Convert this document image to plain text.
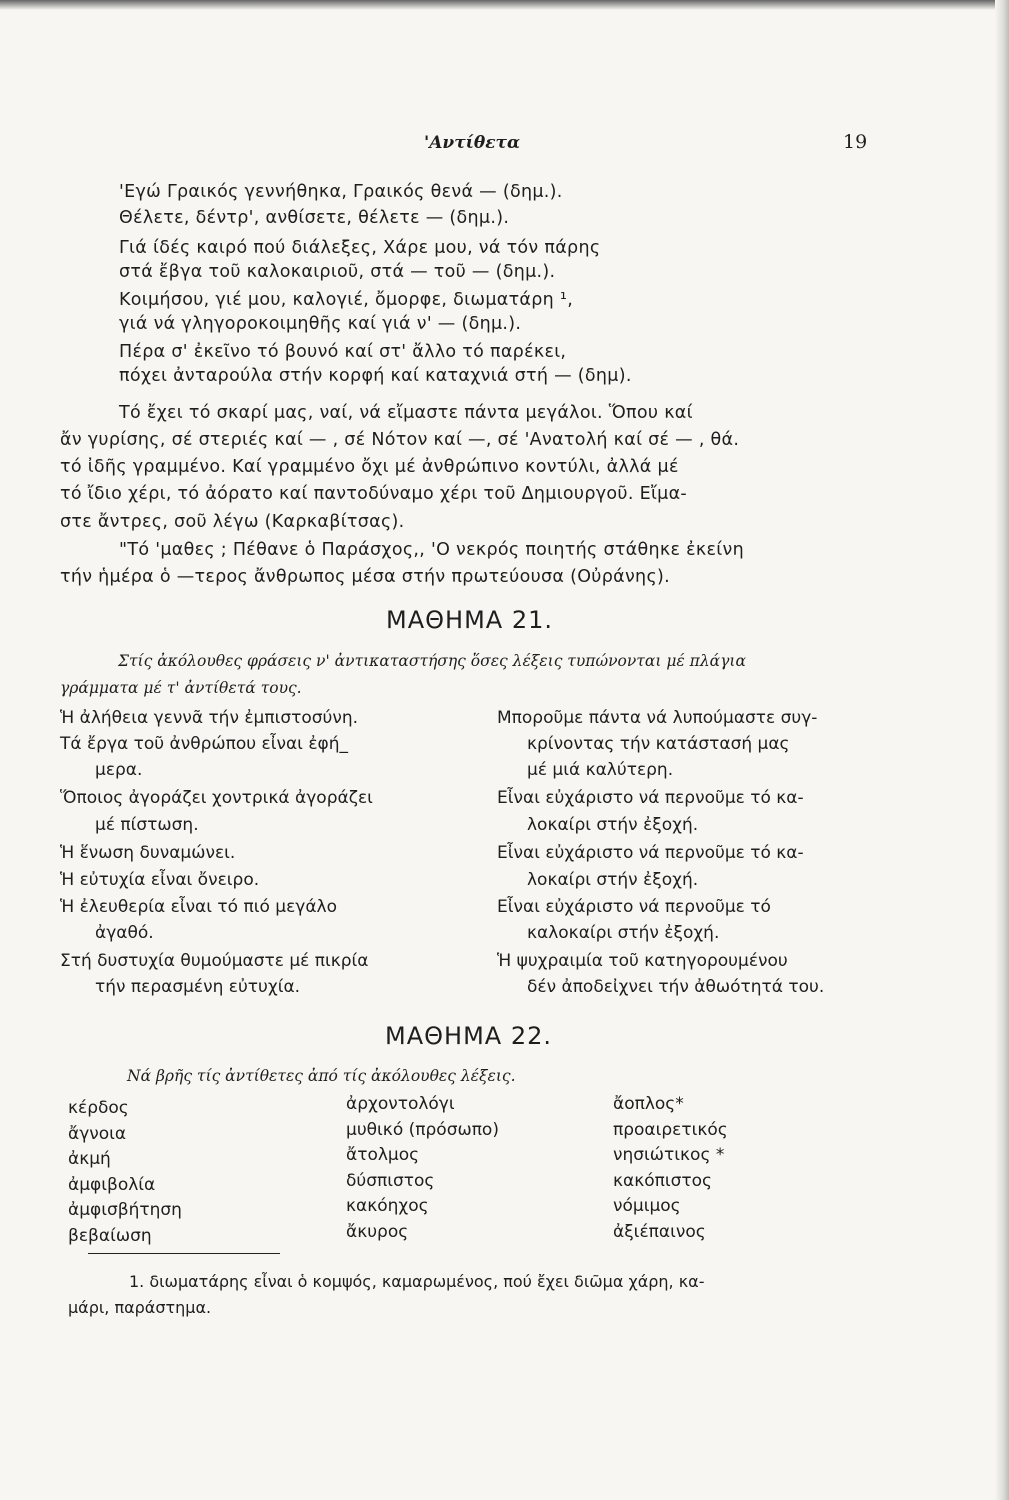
'Αντίθετα	19
'Εγώ Γραικός γεννήθηκα, Γραικός θενά — (δημ.).
Θέλετε, δέντρ', ανθίσετε, θέλετε — (δημ.).
Γιά ίδές καιρό πού διάλεξες, Χάρε μου, νά τόν πάρης
στά ἔβγα τοῦ καλοκαιριοῦ, στά — τοῦ — (δημ.).
Κοιμήσου, γιέ μου, καλογιέ, ὄμορφε, διωματάρη ¹,
γιά νά γληγοροκοιμηθῆς καί γιά ν' — (δημ.).
Πέρα σ' ἐκεῖνο τό βουνό καί στ' ἄλλο τό παρέκει,
πόχει ἀνταρούλα στήν κορφή καί καταχνιά στή — (δημ).
Τό ἔχει τό σκαρί μας, ναί, νά εἴμαστε πάντα μεγάλοι. Ὅπου καί
ἄν γυρίσης, σέ στεριές καί — , σέ Νότον καί —, σέ 'Ανατολή καί σέ — , θά.
τό ἰδῆς γραμμένο. Καί γραμμένο ὄχι μέ ἀνθρώπινο κοντύλι, ἀλλά μέ
τό ἴδιο χέρι, τό ἀόρατο καί παντοδύναμο χέρι τοῦ Δημιουργοῦ. Εἴμα-
στε ἄντρες, σοῦ λέγω (Καρκαβίτσας).
"Τό 'μαθες ; Πέθανε ὁ Παράσχος,, 'Ο νεκρός ποιητής στάθηκε ἐκείνη
τήν ἡμέρα ὁ —τερος ἄνθρωπος μέσα στήν πρωτεύουσα (Οὐράνης).
ΜΑΘΗΜΑ 21.
Στίς ἀκόλουθες φράσεις ν' ἀντικαταστήσης ὅσες λέξεις τυπώνονται μέ πλάγια
γράμματα μέ τ' ἀντίθετά τους.
Ἡ ἀλήθεια γεννᾶ τήν ἐμπιστοσύνη.
Τά ἔργα τοῦ ἀνθρώπου εἶναι ἐφή_
μερα.
Ὅποιος ἀγοράζει χοντρικά ἀγοράζει
μέ πίστωση.
Ἡ ἕνωση δυναμώνει.
Ἡ εὐτυχία εἶναι ὄνειρο.
Ἡ ἐλευθερία εἶναι τό πιό μεγάλο
ἀγαθό.
Στή δυστυχία θυμούμαστε μέ πικρία
τήν περασμένη εὐτυχία.
Μποροῦμε πάντα νά λυπούμαστε συγ-
κρίνοντας τήν κατάστασή μας
μέ μιά καλύτερη.
Εἶναι εὐχάριστο νά περνοῦμε τό κα-
λοκαίρι στήν ἐξοχή.
Εἶναι εὐχάριστο νά περνοῦμε τό κα-
λοκαίρι στήν ἐξοχή.
Εἶναι εὐχάριστο νά περνοῦμε τό
καλοκαίρι στήν ἐξοχή.
Ἡ ψυχραιμία τοῦ κατηγορουμένου
δέν ἀποδεἰχνει τήν ἀθωότητά του.
ΜΑΘΗΜΑ 22.
Νά βρῆς τίς ἀντίθετες ἀπό τίς ἀκόλουθες λέξεις.
κέρδος
ἄγνοια
ἀκμή
ἀμφιβολία
ἀμφισβήτηση
βεβαίωση
ἀρχοντολόγι
μυθικό (πρόσωπο)
ἄτολμος
δύσπιστος
κακόηχος
ἄκυρος
ἄοπλος*
προαιρετικός
νησιώτικος *
κακόπιστος
νόμιμος
ἀξιέπαινος
1. διωματάρης εἶναι ὁ κομψός, καμαρωμένος, πού ἔχει διῶμα χάρη, κα-
μάρι, παράστημα.
